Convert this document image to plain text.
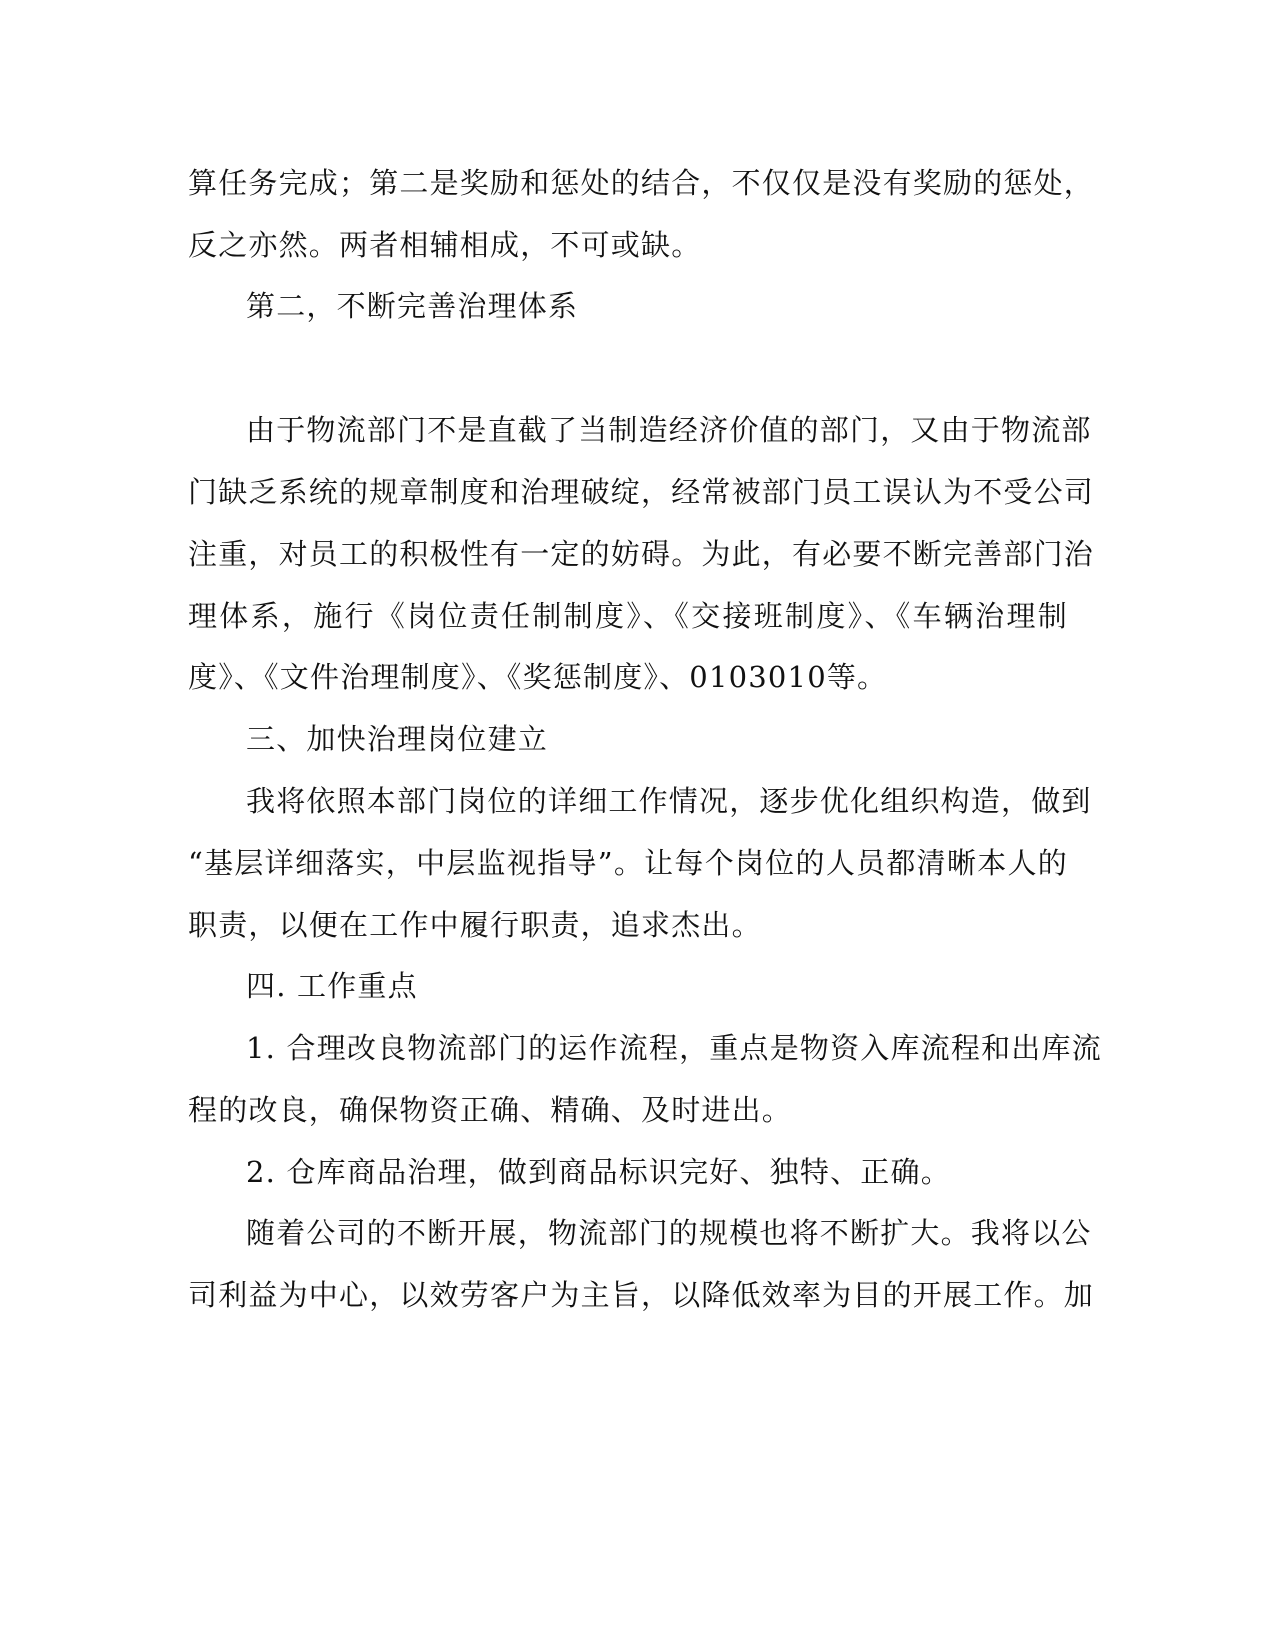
算任务完成；第二是奖励和惩处的结合，不仅仅是没有奖励的惩处，
反之亦然。两者相辅相成，不可或缺。
第二，不断完善治理体系
由于物流部门不是直截了当制造经济价值的部门，又由于物流部
门缺乏系统的规章制度和治理破绽，经常被部门员工误认为不受公司
注重，对员工的积极性有一定的妨碍。为此，有必要不断完善部门治
理体系，施行《岗位责任制制度》、《交接班制度》、《车辆治理制
度》、《文件治理制度》、《奖惩制度》、0103010等。
三、加快治理岗位建立
我将依照本部门岗位的详细工作情况，逐步优化组织构造，做到
“基层详细落实，中层监视指导”。让每个岗位的人员都清晰本人的
职责，以便在工作中履行职责，追求杰出。
四. 工作重点
1. 合理改良物流部门的运作流程，重点是物资入库流程和出库流
程的改良，确保物资正确、精确、及时进出。
2. 仓库商品治理，做到商品标识完好、独特、正确。
随着公司的不断开展，物流部门的规模也将不断扩大。我将以公
司利益为中心，以效劳客户为主旨，以降低效率为目的开展工作。加
